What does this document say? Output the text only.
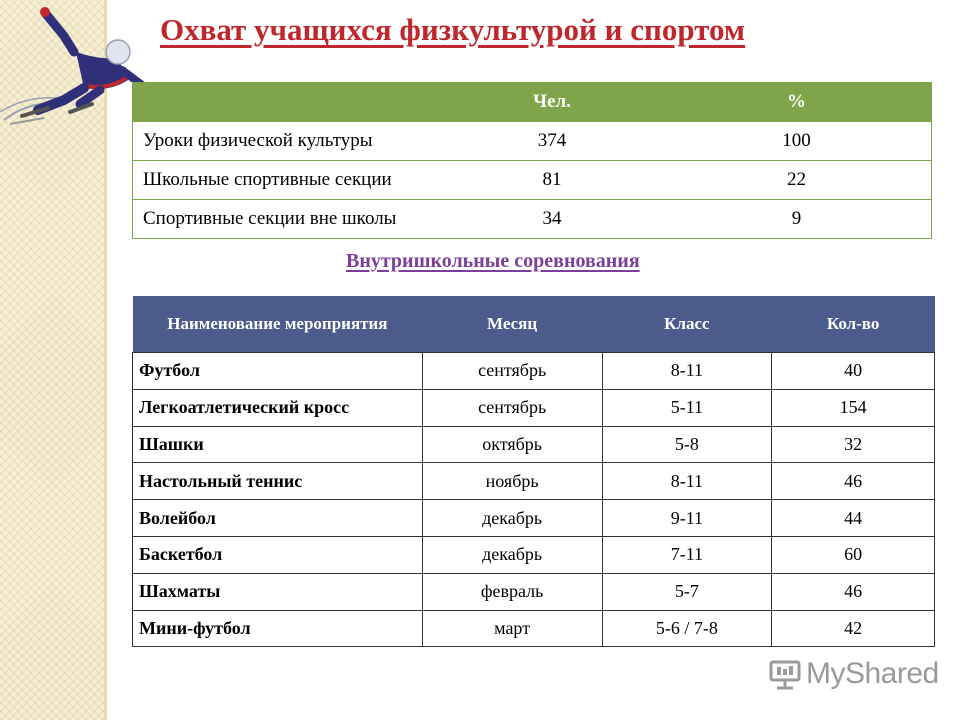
Охват учащихся физкультурой и спортом
	Чел.	%
Уроки физической культуры	374	100
Школьные спортивные секции	81	22
Спортивные секции вне школы	34	9
Внутришкольные соревнования
Наименование мероприятия	Месяц	Класс	Кол-во
Футбол	сентябрь	8-11	40
Легкоатлетический кросс	сентябрь	5-11	154
Шашки	октябрь	5-8	32
Настольный теннис	ноябрь	8-11	46
Волейбол	декабрь	9-11	44
Баскетбол	декабрь	7-11	60
Шахматы	февраль	5-7	46
Мини-футбол	март	5-6 / 7-8	42
MyShared
